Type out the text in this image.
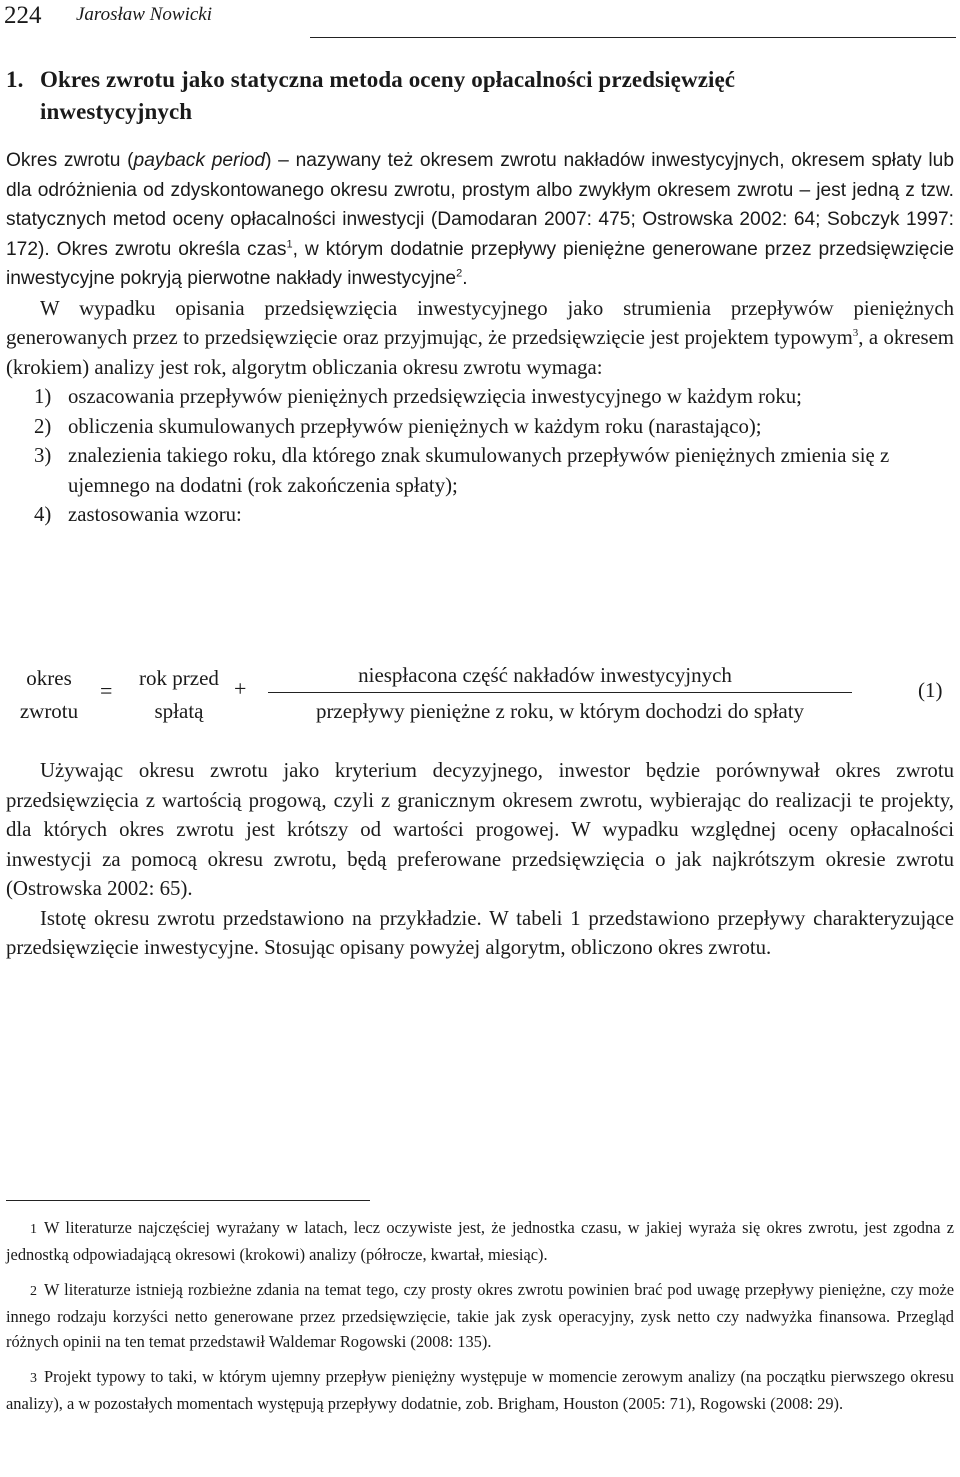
224 Jarosław Nowicki
1. Okres zwrotu jako statyczna metoda oceny opłacalności przedsięwzięć
inwestycyjnych

Okres zwrotu (payback period) – nazywany też okresem zwrotu nakładów inwestycyjnych, okresem spłaty lub dla odróżnienia od zdyskontowanego okresu zwrotu, prostym albo zwykłym okresem zwrotu – jest jedną z tzw. statycznych metod oceny opłacalności inwestycji (Damodaran 2007: 475; Ostrowska 2002: 64; Sobczyk 1997: 172). Okres zwrotu określa czas$^1$, w którym dodatnie przepływy pieniężne generowane przez przedsięwzięcie inwestycyjne pokryją pierwotne nakłady inwestycyjne$^2$.

W wypadku opisania przedsięwzięcia inwestycyjnego jako strumienia przepływów pieniężnych generowanych przez to przedsięwzięcie oraz przyjmując, że przedsięwzięcie jest projektem typowym$^3$, a okresem (krokiem) analizy jest rok, algorytm obliczania okresu zwrotu wymaga:

1) oszacowania przepływów pieniężnych przedsięwzięcia inwestycyjnego w każdym roku;
2) obliczenia skumulowanych przepływów pieniężnych w każdym roku (narastająco);
3) znalezienia takiego roku, dla którego znak skumulowanych przepływów pieniężnych zmienia się z ujemnego na dodatni (rok zakończenia spłaty);
4) zastosowania wzoru:
okres
zwrotu
=	rok przed
spłatą
+
niespłacona część nakładów inwestycyjnych
przepływy pieniężne z roku, w którym dochodzi do spłaty
(1)

Używając okresu zwrotu jako kryterium decyzyjnego, inwestor będzie porównywał okres zwrotu przedsięwzięcia z wartością progową, czyli z granicznym okresem zwrotu, wybierając do realizacji te projekty, dla których okres zwrotu jest krótszy od wartości progowej. W wypadku względnej oceny opłacalności inwestycji za pomocą okresu zwrotu, będą preferowane przedsięwzięcia o jak najkrótszym okresie zwrotu (Ostrowska 2002: 65).

Istotę okresu zwrotu przedstawiono na przykładzie. W tabeli 1 przedstawiono przepływy charakteryzujące przedsięwzięcie inwestycyjne. Stosując opisany powyżej algorytm, obliczono okres zwrotu.

1 W literaturze najczęściej wyrażany w latach, lecz oczywiste jest, że jednostka czasu, w jakiej wyraża się okres zwrotu, jest zgodna z jednostką odpowiadającą okresowi (krokowi) analizy (półrocze, kwartał, miesiąc).

2 W literaturze istnieją rozbieżne zdania na temat tego, czy prosty okres zwrotu powinien brać pod uwagę przepływy pieniężne, czy może innego rodzaju korzyści netto generowane przez przedsięwzięcie, takie jak zysk operacyjny, zysk netto czy nadwyżka finansowa. Przegląd różnych opinii na ten temat przedstawił Waldemar Rogowski (2008: 135).

3 Projekt typowy to taki, w którym ujemny przepływ pieniężny występuje w momencie zerowym analizy (na początku pierwszego okresu analizy), a w pozostałych momentach występują przepływy dodatnie, zob. Brigham, Houston (2005: 71), Rogowski (2008: 29).
